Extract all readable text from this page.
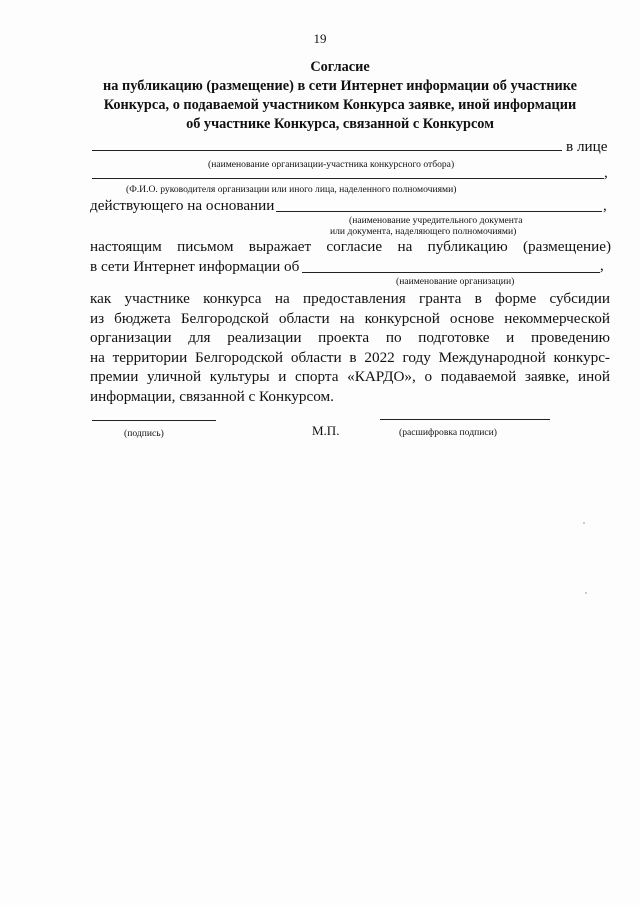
19
Согласие
на публикацию (размещение) в сети Интернет информации об участнике
Конкурса, о подаваемой участником Конкурса заявке, иной информации
об участнике Конкурса, связанной с Конкурсом
в лице
(наименование организации-участника конкурсного отбора)	,
(Ф.И.О. руководителя организации или иного лица, наделенного полномочиями)
действующего на основании	,
(наименование учредительного документа
или документа, наделяющего полномочиями)
настоящим письмом выражает согласие на публикацию (размещение)
в сети Интернет информации об	,
(наименование организации)
как участнике конкурса на предоставления гранта в форме субсидии
из бюджета Белгородской области на конкурсной основе некоммерческой
организации для реализации проекта по подготовке и проведению
на территории Белгородской области в 2022 году Международной конкурс-
премии уличной культуры и спорта «КАРДО», о подаваемой заявке, иной
информации, связанной с Конкурсом.
(подпись)	М.П.	(расшифровка подписи)
